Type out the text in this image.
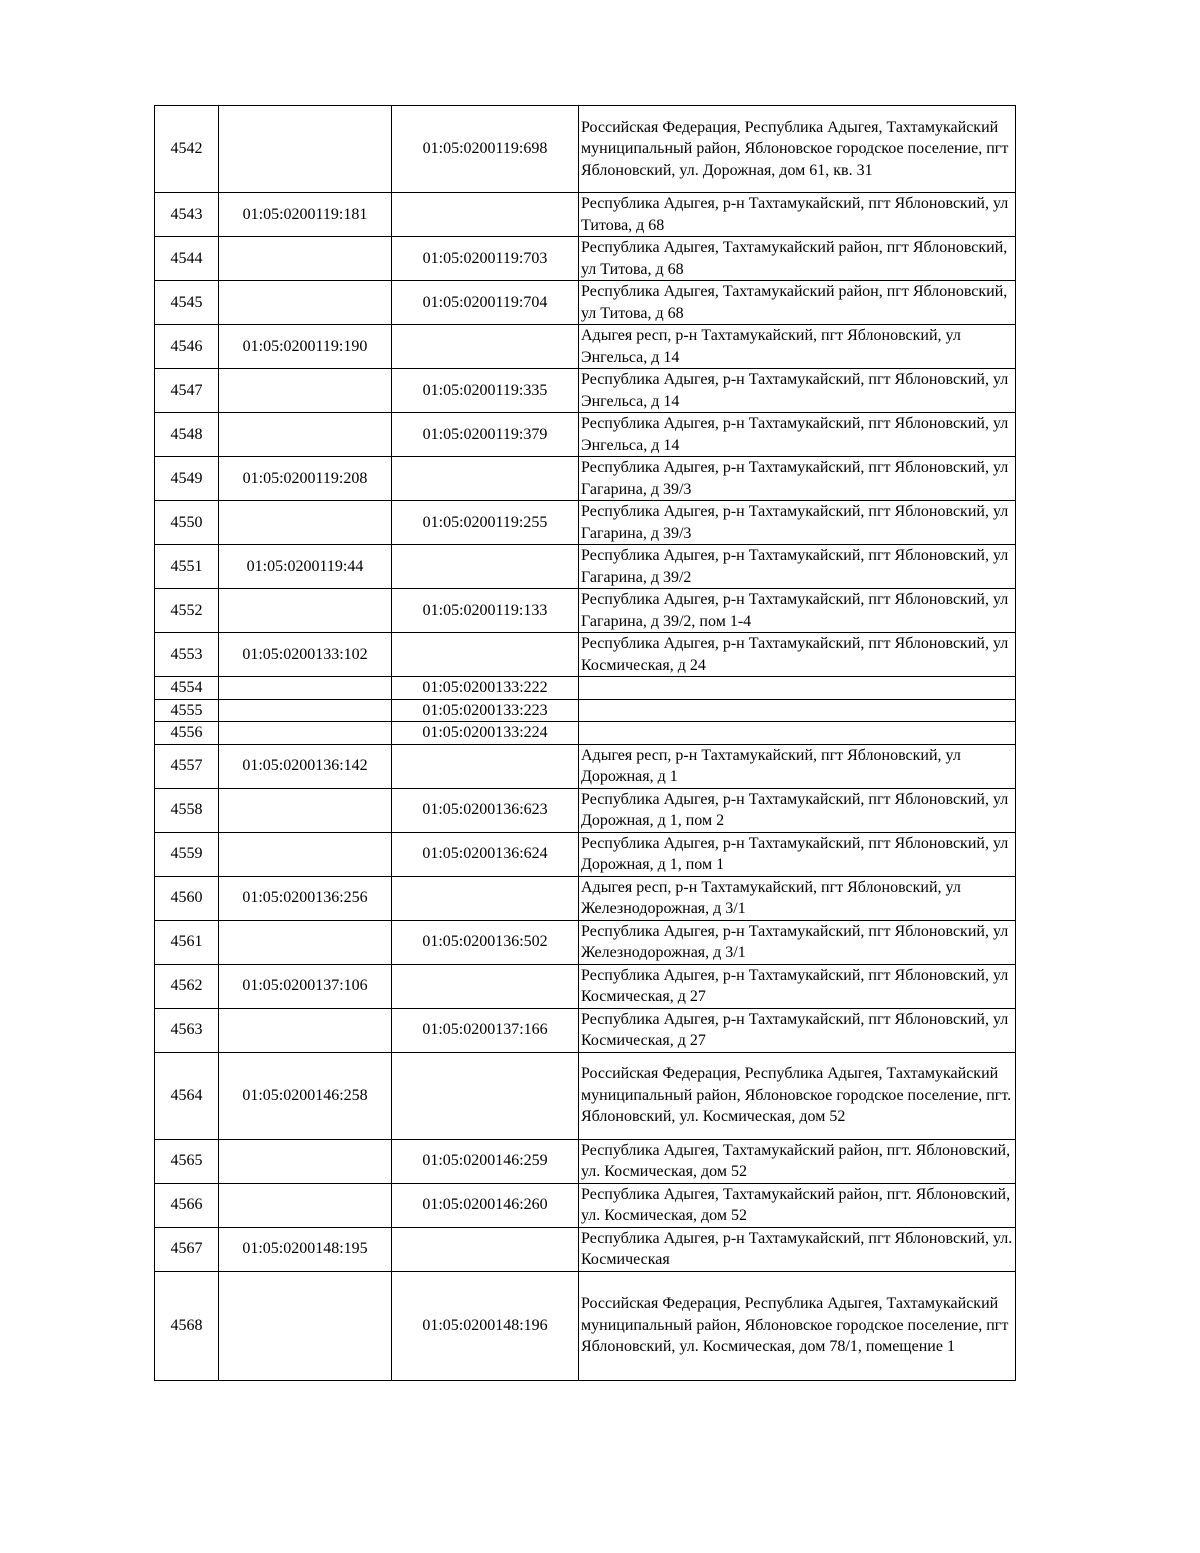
4542		01:05:0200119:698	Российская Федерация, Республика Адыгея, Тахтамукайский муниципальный район, Яблоновское городское поселение, пгт Яблоновский, ул. Дорожная, дом 61, кв. 31
4543	01:05:0200119:181		Республика Адыгея, р-н Тахтамукайский, пгт Яблоновский, ул Титова, д 68
4544		01:05:0200119:703	Республика Адыгея, Тахтамукайский район, пгт Яблоновский, ул Титова, д 68
4545		01:05:0200119:704	Республика Адыгея, Тахтамукайский район, пгт Яблоновский, ул Титова, д 68
4546	01:05:0200119:190		Адыгея респ, р-н Тахтамукайский, пгт Яблоновский, ул Энгельса, д 14
4547		01:05:0200119:335	Республика Адыгея, р-н Тахтамукайский, пгт Яблоновский, ул Энгельса, д 14
4548		01:05:0200119:379	Республика Адыгея, р-н Тахтамукайский, пгт Яблоновский, ул Энгельса, д 14
4549	01:05:0200119:208		Республика Адыгея, р-н Тахтамукайский, пгт Яблоновский, ул Гагарина, д 39/3
4550		01:05:0200119:255	Республика Адыгея, р-н Тахтамукайский, пгт Яблоновский, ул Гагарина, д 39/3
4551	01:05:0200119:44		Республика Адыгея, р-н Тахтамукайский, пгт Яблоновский, ул Гагарина, д 39/2
4552		01:05:0200119:133	Республика Адыгея, р-н Тахтамукайский, пгт Яблоновский, ул Гагарина, д 39/2, пом 1-4
4553	01:05:0200133:102		Республика Адыгея, р-н Тахтамукайский, пгт Яблоновский, ул Космическая, д 24
4554		01:05:0200133:222	
4555		01:05:0200133:223	
4556		01:05:0200133:224	
4557	01:05:0200136:142		Адыгея респ, р-н Тахтамукайский, пгт Яблоновский, ул Дорожная, д 1
4558		01:05:0200136:623	Республика Адыгея, р-н Тахтамукайский, пгт Яблоновский, ул Дорожная, д 1, пом 2
4559		01:05:0200136:624	Республика Адыгея, р-н Тахтамукайский, пгт Яблоновский, ул Дорожная, д 1, пом 1
4560	01:05:0200136:256		Адыгея респ, р-н Тахтамукайский, пгт Яблоновский, ул Железнодорожная, д 3/1
4561		01:05:0200136:502	Республика Адыгея, р-н Тахтамукайский, пгт Яблоновский, ул Железнодорожная, д 3/1
4562	01:05:0200137:106		Республика Адыгея, р-н Тахтамукайский, пгт Яблоновский, ул Космическая, д 27
4563		01:05:0200137:166	Республика Адыгея, р-н Тахтамукайский, пгт Яблоновский, ул Космическая, д 27
4564	01:05:0200146:258		Российская Федерация, Республика Адыгея, Тахтамукайский муниципальный район, Яблоновское городское поселение, пгт. Яблоновский, ул. Космическая, дом 52
4565		01:05:0200146:259	Республика Адыгея, Тахтамукайский район, пгт. Яблоновский, ул. Космическая, дом 52
4566		01:05:0200146:260	Республика Адыгея, Тахтамукайский район, пгт. Яблоновский, ул. Космическая, дом 52
4567	01:05:0200148:195		Республика Адыгея, р-н Тахтамукайский, пгт Яблоновский, ул. Космическая
4568		01:05:0200148:196	Российская Федерация, Республика Адыгея, Тахтамукайский муниципальный район, Яблоновское городское поселение, пгт Яблоновский, ул. Космическая, дом 78/1, помещение 1
